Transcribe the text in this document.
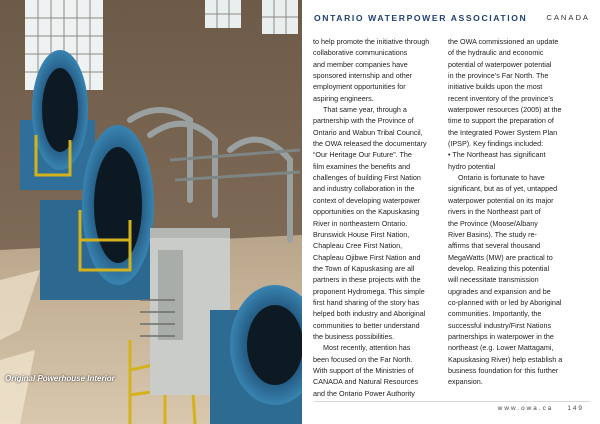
Original Powerhouse Interior
ONTARIO WATERPOWER ASSOCIATION	CANADA

to help promote the initiative through

collaborative communications

and member companies have

sponsored internship and other

employment opportunities for

aspiring engineers.

That same year, through a

partnership with the Province of

Ontario and Wabun Tribal Council,

the OWA released the documentary

“Our Heritage Our Future”. The

film examines the benefits and

challenges of building First Nation

and industry collaboration in the

context of developing waterpower

opportunities on the Kapuskasing

River in northeastern Ontario.

Brunswick House First Nation,

Chapleau Cree First Nation,

Chapleau Ojibwe First Nation and

the Town of Kapuskasing are all

partners in these projects with the

proponent Hydromega. This simple

first hand sharing of the story has

helped both industry and Aboriginal

communities to better understand

the business possibilities.

Most recently, attention has

been focused on the Far North.

With support of the Ministries of

CANADA and Natural Resources

and the Ontario Power Authority

the OWA commissioned an update

of the hydraulic and economic

potential of waterpower potential

in the province’s Far North. The

initiative builds upon the most

recent inventory of the province’s

waterpower resources (2005) at the

time to support the preparation of

the Integrated Power System Plan

(IPSP). Key findings included:

• The Northeast has significant

hydro potential

Ontario is fortunate to have

significant, but as of yet, untapped

waterpower potential on its major

rivers in the Northeast part of

the Province (Moose/Albany

River Basins). The study re-

affirms that several thousand

MegaWatts (MW) are practical to

develop. Realizing this potential

will necessitate transmission

upgrades and expansion and be

co-planned with or led by Aboriginal

communities. Importantly, the

successful industry/First Nations

partnerships in waterpower in the

northeast (e.g. Lower Mattagami,

Kapuskasing River) help establish a

business foundation for this further

expansion.

www.owa.ca 149
